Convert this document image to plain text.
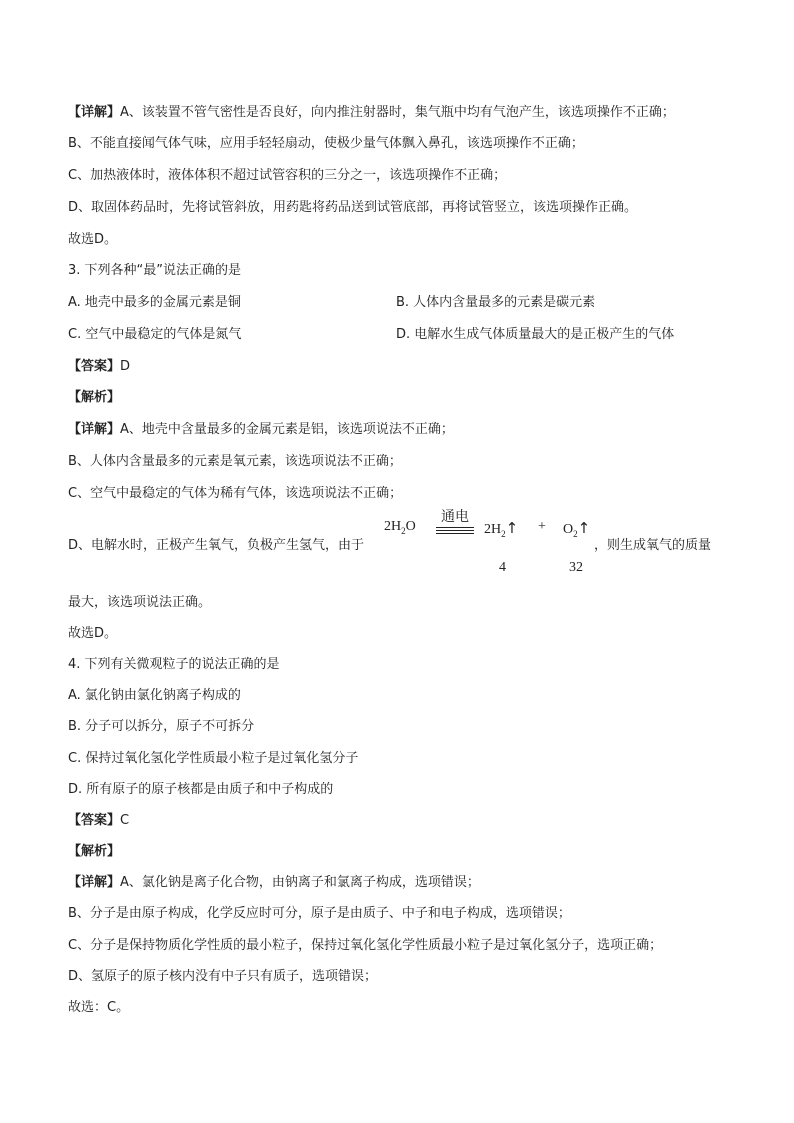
【详解】A、该装置不管气密性是否良好，向内推注射器时，集气瓶中均有气泡产生，该选项操作不正确；
B、不能直接闻气体气味，应用手轻轻扇动，使极少量气体飘入鼻孔，该选项操作不正确；
C、加热液体时，液体体积不超过试管容积的三分之一，该选项操作不正确；
D、取固体药品时，先将试管斜放，用药匙将药品送到试管底部，再将试管竖立，该选项操作正确。
故选D。
3. 下列各种“最”说法正确的是
A. 地壳中最多的金属元素是铜	B. 人体内含量最多的元素是碳元素
C. 空气中最稳定的气体是氮气	D. 电解水生成气体质量最大的是正极产生的气体
【答案】D
【解析】
【详解】A、地壳中含量最多的金属元素是铝，该选项说法不正确；
B、人体内含量最多的元素是氧元素，该选项说法不正确；
C、空气中最稳定的气体为稀有气体，该选项说法不正确；
D、电解水时，正极产生氧气，负极产生氢气，由于
$2H_2O$
通电
$2H_2↑$ + $O_2↑$
，则生成氧气的质量
4	32
最大，该选项说法正确。
故选D。
4. 下列有关微观粒子的说法正确的是
A. 氯化钠由氯化钠离子构成的
B. 分子可以拆分，原子不可拆分
C. 保持过氧化氢化学性质最小粒子是过氧化氢分子
D. 所有原子的原子核都是由质子和中子构成的
【答案】C
【解析】
【详解】A、氯化钠是离子化合物，由钠离子和氯离子构成，选项错误；
B、分子是由原子构成，化学反应时可分，原子是由质子、中子和电子构成，选项错误；
C、分子是保持物质化学性质的最小粒子，保持过氧化氢化学性质最小粒子是过氧化氢分子，选项正确；
D、氢原子的原子核内没有中子只有质子，选项错误；
故选：C。
